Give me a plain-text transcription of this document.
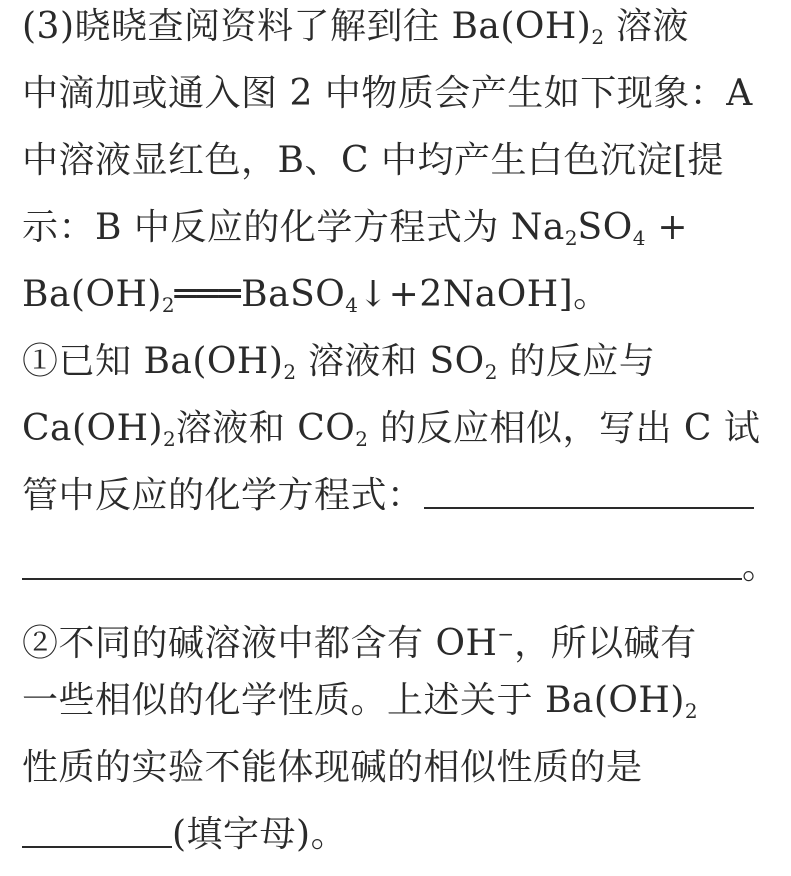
(3)晓晓查阅资料了解到往 $Ba(OH)_2$ 溶液
中滴加或通入图 2 中物质会产生如下现象：A
中溶液显红色，B、C 中均产生白色沉淀[提
示：B 中反应的化学方程式为 $Na_2SO_4$ +
$Ba(OH)_2═══BaSO_4↓+2NaOH$]。
①已知 $Ba(OH)_2$ 溶液和 $SO_2$ 的反应与
$Ca(OH)_2$溶液和 $CO_2$ 的反应相似，写出 C 试
管中反应的化学方程式：
。
②不同的碱溶液中都含有 OH−，所以碱有
一些相似的化学性质。上述关于 $Ba(OH)_2$
性质的实验不能体现碱的相似性质的是
(填字母)。
